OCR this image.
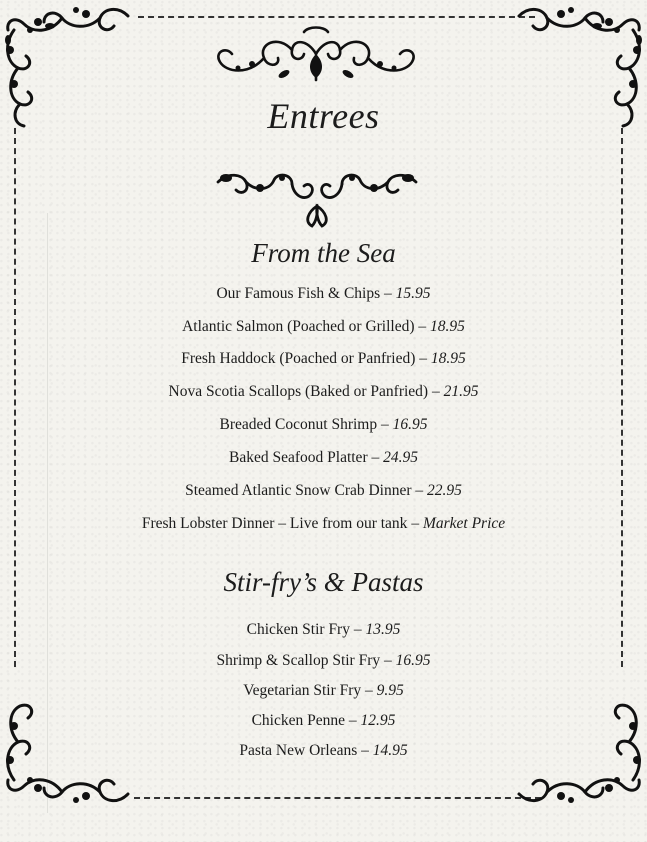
Entrees
From the Sea
Our Famous Fish & Chips – 15.95
Atlantic Salmon (Poached or Grilled) – 18.95
Fresh Haddock (Poached or Panfried) – 18.95
Nova Scotia Scallops (Baked or Panfried) – 21.95
Breaded Coconut Shrimp – 16.95
Baked Seafood Platter – 24.95
Steamed Atlantic Snow Crab Dinner – 22.95
Fresh Lobster Dinner – Live from our tank – Market Price
Stir-fry’s & Pastas
Chicken Stir Fry – 13.95
Shrimp & Scallop Stir Fry – 16.95
Vegetarian Stir Fry – 9.95
Chicken Penne – 12.95
Pasta New Orleans – 14.95
